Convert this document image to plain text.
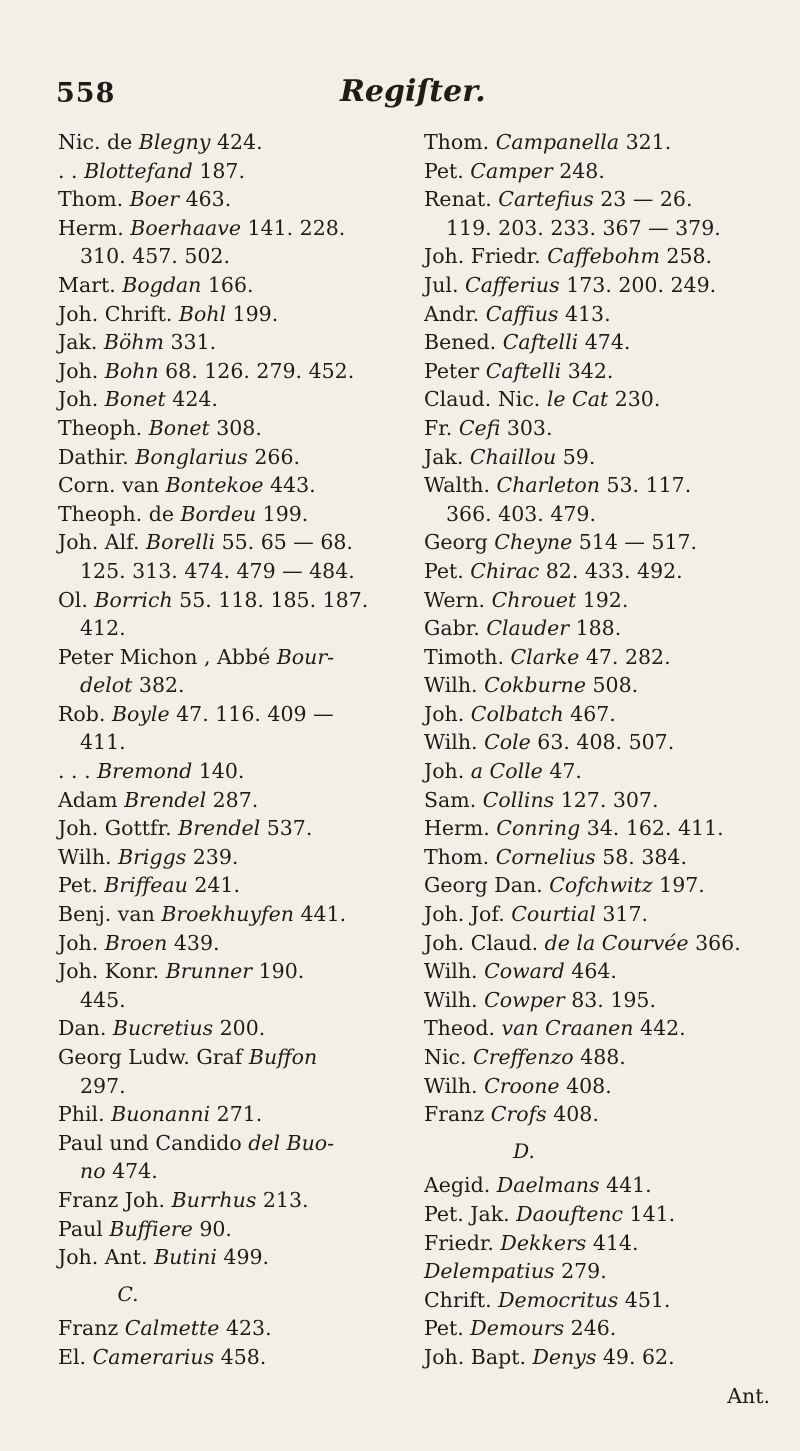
558	Regiſter.
Nic. de Blegny 424.
. . Blottefand 187.
Thom. Boer 463.
Herm. Boerhaave 141. 228.
310. 457. 502.
Mart. Bogdan 166.
Joh. Chrift. Bohl 199.
Jak. Böhm 331.
Joh. Bohn 68. 126. 279. 452.
Joh. Bonet 424.
Theoph. Bonet 308.
Dathir. Bonglarius 266.
Corn. van Bontekoe 443.
Theoph. de Bordeu 199.
Joh. Alf. Borelli 55. 65 — 68.
125. 313. 474. 479 — 484.
Ol. Borrich 55. 118. 185. 187.
412.
Peter Michon , Abbé Bour-
delot 382.
Rob. Boyle 47. 116. 409 —
411.
. . . Bremond 140.
Adam Brendel 287.
Joh. Gottfr. Brendel 537.
Wilh. Briggs 239.
Pet. Briffeau 241.
Benj. van Broekhuyfen 441.
Joh. Broen 439.
Joh. Konr. Brunner 190.
445.
Dan. Bucretius 200.
Georg Ludw. Graf Buffon
297.
Phil. Buonanni 271.
Paul und Candido del Buo-
no 474.
Franz Joh. Burrhus 213.
Paul Buffiere 90.
Joh. Ant. Butini 499.
C.
Franz Calmette 423.
El. Camerarius 458.
Thom. Campanella 321.
Pet. Camper 248.
Renat. Cartefius 23 — 26.
119. 203. 233. 367 — 379.
Joh. Friedr. Caffebohm 258.
Jul. Cafferius 173. 200. 249.
Andr. Caffius 413.
Bened. Caftelli 474.
Peter Caftelli 342.
Claud. Nic. le Cat 230.
Fr. Cefi 303.
Jak. Chaillou 59.
Walth. Charleton 53. 117.
366. 403. 479.
Georg Cheyne 514 — 517.
Pet. Chirac 82. 433. 492.
Wern. Chrouet 192.
Gabr. Clauder 188.
Timoth. Clarke 47. 282.
Wilh. Cokburne 508.
Joh. Colbatch 467.
Wilh. Cole 63. 408. 507.
Joh. a Colle 47.
Sam. Collins 127. 307.
Herm. Conring 34. 162. 411.
Thom. Cornelius 58. 384.
Georg Dan. Cofchwitz 197.
Joh. Jof. Courtial 317.
Joh. Claud. de la Courvée 366.
Wilh. Coward 464.
Wilh. Cowper 83. 195.
Theod. van Craanen 442.
Nic. Creffenzo 488.
Wilh. Croone 408.
Franz Crofs 408.
D.
Aegid. Daelmans 441.
Pet. Jak. Daouftenc 141.
Friedr. Dekkers 414.
Delempatius 279.
Chrift. Democritus 451.
Pet. Demours 246.
Joh. Bapt. Denys 49. 62.
Ant.
